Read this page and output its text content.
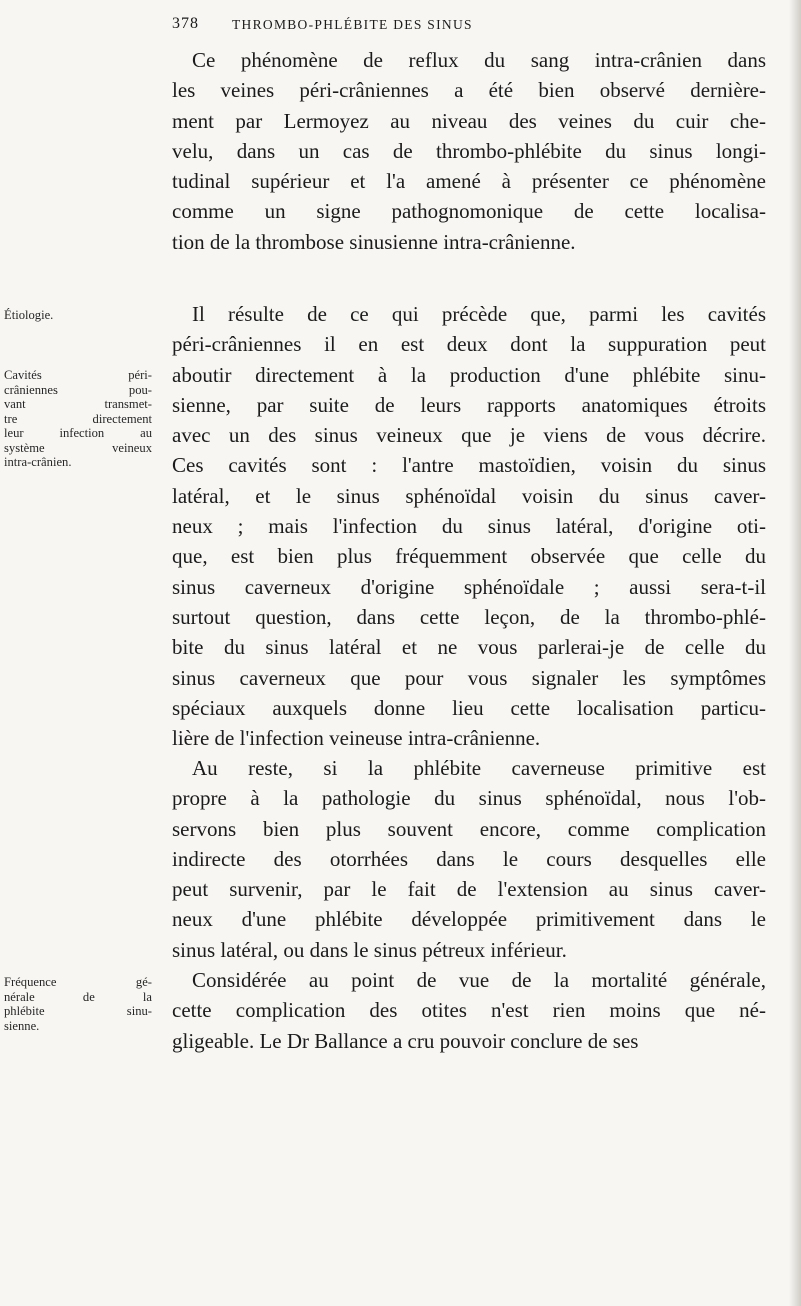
378 THROMBO-PHLÉBITE DES SINUS
Ce phénomène de reflux du sang intra-crânien dans
les veines péri-crâniennes a été bien observé dernière-
ment par Lermoyez au niveau des veines du cuir che-
velu, dans un cas de thrombo-phlébite du sinus longi-
tudinal supérieur et l'a amené à présenter ce phénomène
comme un signe pathognomonique de cette localisa-
tion de la thrombose sinusienne intra-crânienne.
Il résulte de ce qui précède que, parmi les cavités
péri-crâniennes il en est deux dont la suppuration peut
aboutir directement à la production d'une phlébite sinu-
sienne, par suite de leurs rapports anatomiques étroits
avec un des sinus veineux que je viens de vous décrire.
Ces cavités sont : l'antre mastoïdien, voisin du sinus
latéral, et le sinus sphénoïdal voisin du sinus caver-
neux ; mais l'infection du sinus latéral, d'origine oti-
que, est bien plus fréquemment observée que celle du
sinus caverneux d'origine sphénoïdale ; aussi sera-t-il
surtout question, dans cette leçon, de la thrombo-phlé-
bite du sinus latéral et ne vous parlerai-je de celle du
sinus caverneux que pour vous signaler les symptômes
spéciaux auxquels donne lieu cette localisation particu-
lière de l'infection veineuse intra-crânienne.
Au reste, si la phlébite caverneuse primitive est
propre à la pathologie du sinus sphénoïdal, nous l'ob-
servons bien plus souvent encore, comme complication
indirecte des otorrhées dans le cours desquelles elle
peut survenir, par le fait de l'extension au sinus caver-
neux d'une phlébite développée primitivement dans le
sinus latéral, ou dans le sinus pétreux inférieur.
Considérée au point de vue de la mortalité générale,
cette complication des otites n'est rien moins que né-
gligeable. Le Dr Ballance a cru pouvoir conclure de ses
Étiologie.
Cavités péri-
crâniennes pou-
vant transmet-
tre directement
leur infection au
système veineux
intra-crânien.
Fréquence gé-
nérale de la
phlébite sinu-
sienne.
